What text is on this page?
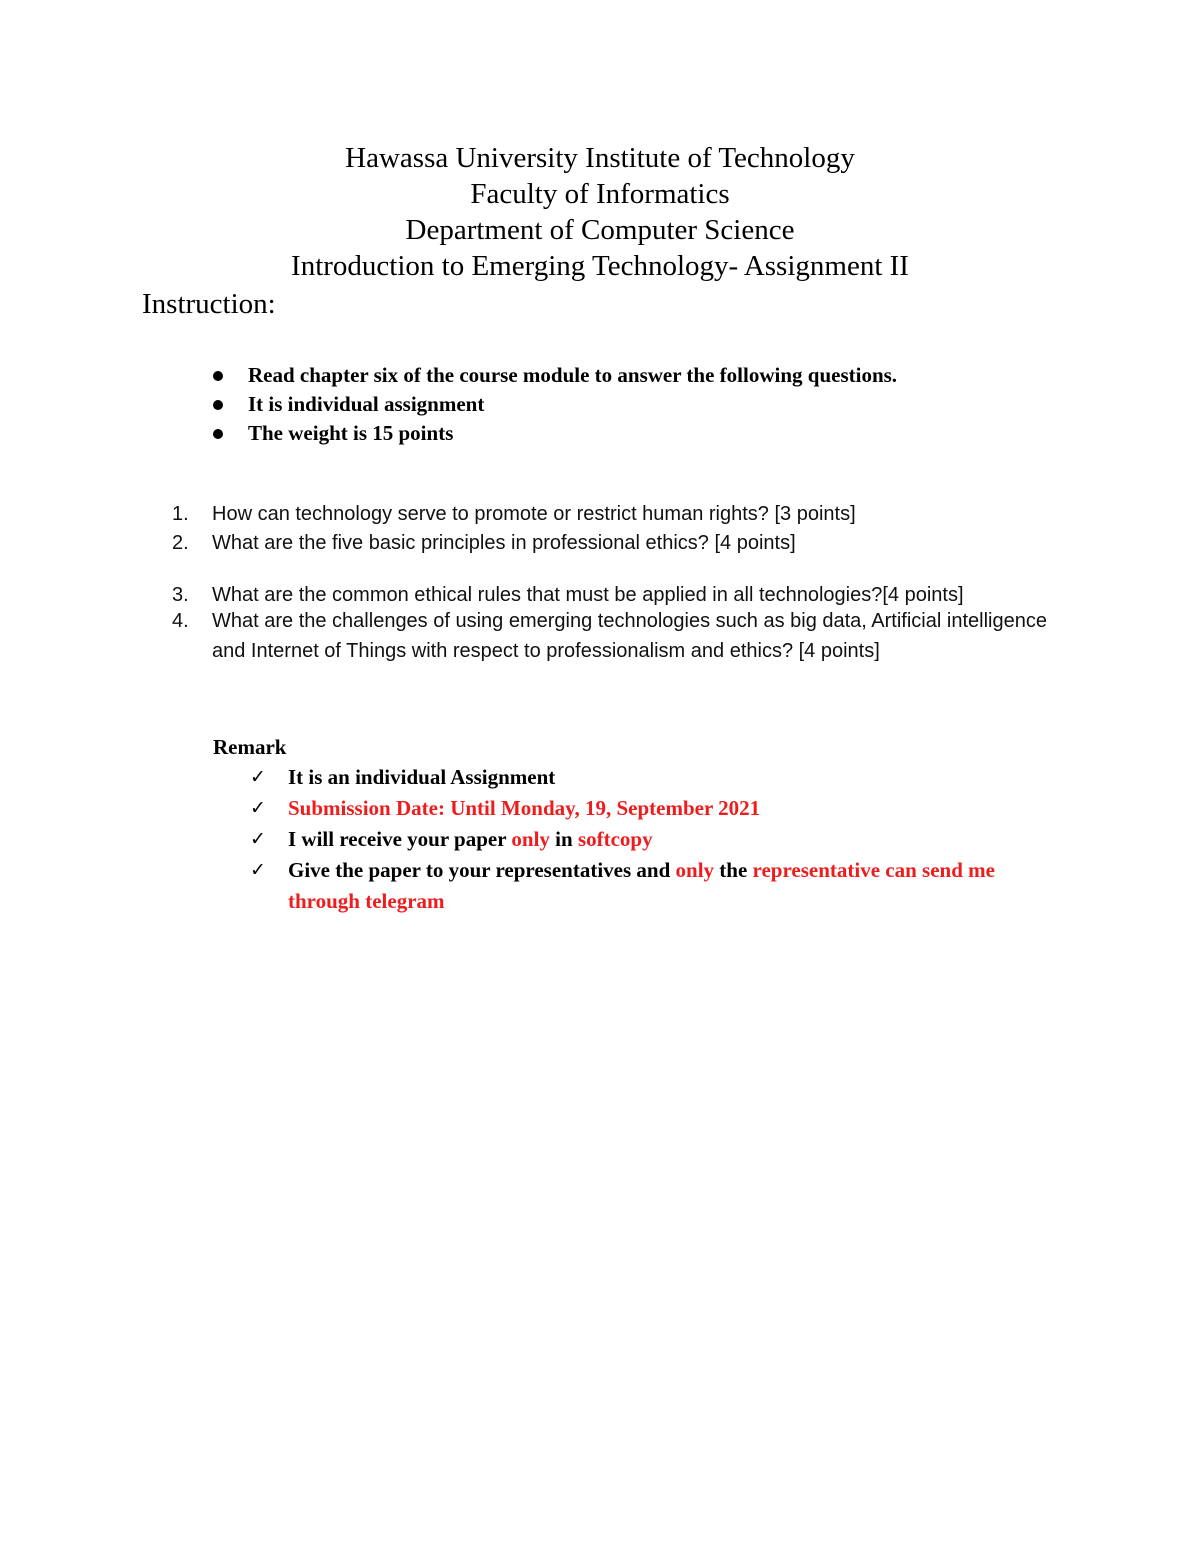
Hawassa University Institute of Technology
Faculty of Informatics
Department of Computer Science
Introduction to Emerging Technology- Assignment II
Instruction:
Read chapter six of the course module to answer the following questions.
It is individual assignment
The weight is 15 points
1.	How can technology serve to promote or restrict human rights? [3 points]
2.	What are the five basic principles in professional ethics? [4 points]
3.	What are the common ethical rules that must be applied in all technologies?[4 points]
4.	What are the challenges of using emerging technologies such as big data, Artificial intelligence and Internet of Things with respect to professionalism and ethics? [4 points]
Remark
✓ It is an individual Assignment
✓ Submission Date: Until Monday, 19, September 2021
✓ I will receive your paper only in softcopy
✓ Give the paper to your representatives and only the representative can send me through telegram
